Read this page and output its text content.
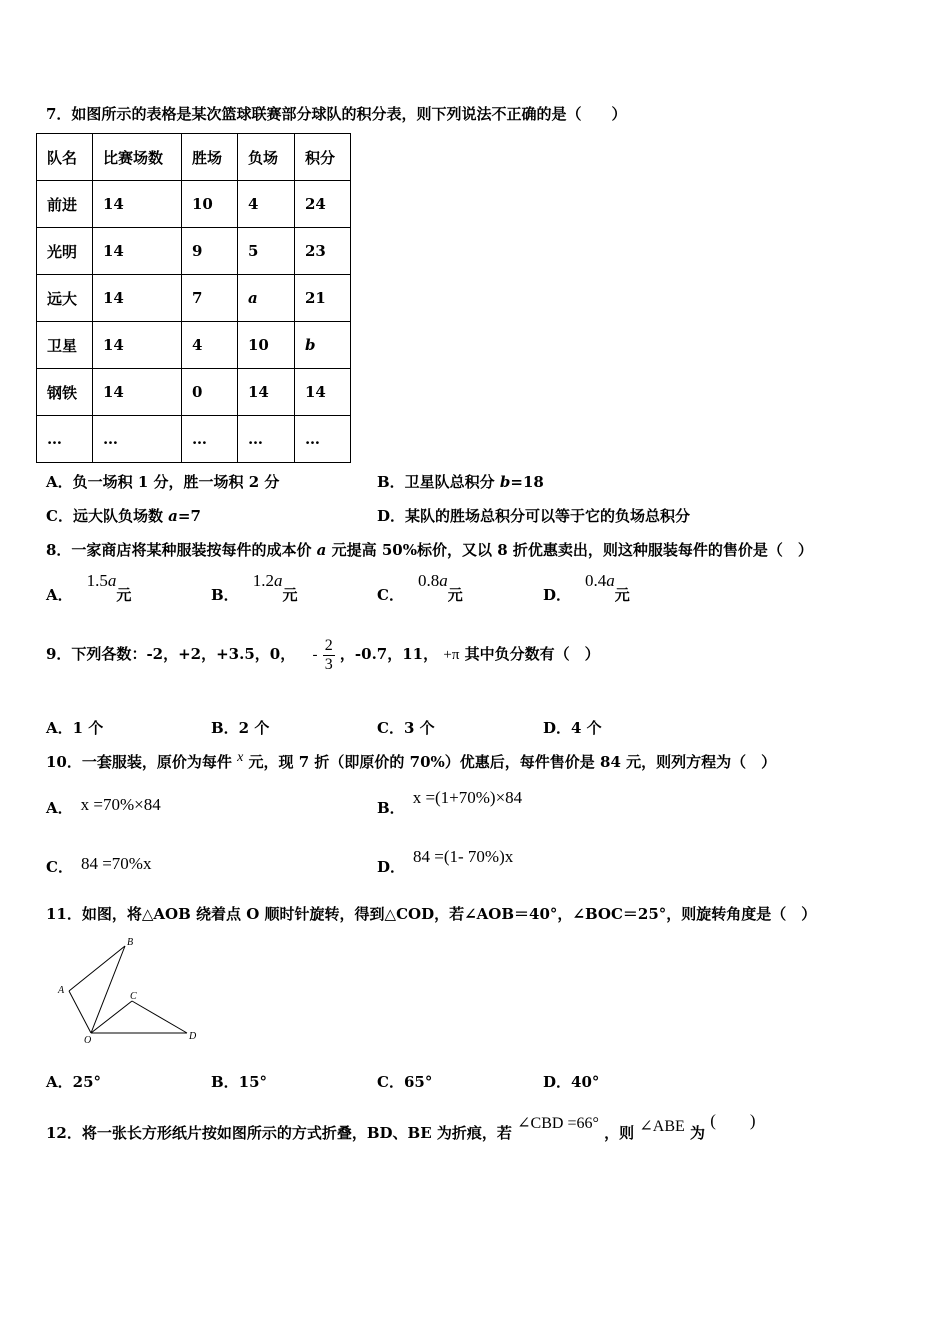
7．如图所示的表格是某次篮球联赛部分球队的积分表，则下列说法不正确的是（　　）
队名	比赛场数	胜场	负场	积分
前进	14	10	4	24
光明	14	9	5	23
远大	14	7	a	21
卫星	14	4	10	b
钢铁	14	0	14	14
…	…	…	…	…
A．负一场积 1 分，胜一场积 2 分	B．卫星队总积分 b=18
C．远大队负场数 a=7	D．某队的胜场总积分可以等于它的负场总积分
8．一家商店将某种服装按每件的成本价 a 元提高 50%标价，又以 8 折优惠卖出，则这种服装每件的售价是（　）
A．1.5a元	B．1.2a元	C．0.8a元	D．0.4a元
9．下列各数：-2，+2，+3.5，0， - $\frac{2}{3}$ ，-0.7，11， +π 其中负分数有（　）
A．1 个	B．2 个	C．3 个	D．4 个
10．一套服装，原价为每件 x 元，现 7 折（即原价的 70%）优惠后，每件售价是 84 元，则列方程为（　）
A． x =70%×84	B．x =(1+70%)×84
C． 84 =70%x	D．84 =(1- 70%)x
11．如图，将△AOB 绕着点 O 顺时针旋转，得到△COD，若∠AOB＝40°，∠BOC＝25°，则旋转角度是（　）
A
B
C
O	D
A．25°	B．15°	C．65°	D．40°
12．将一张长方形纸片按如图所示的方式折叠，BD、BE 为折痕，若 ∠CBD =66° ，则 ∠ABE 为 (　　)
